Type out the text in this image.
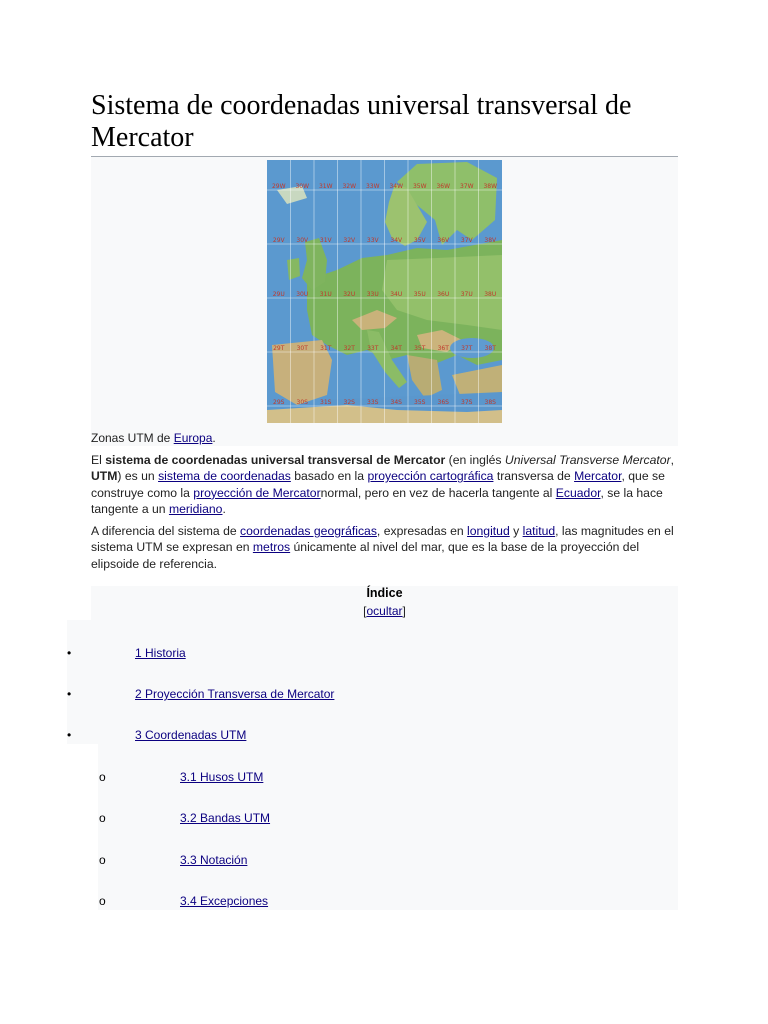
Sistema de coordenadas universal transversal de Mercator
29W 30W 31W 32W 33W 34W 35W 36W 37W 38W
29V 30V 31V 32V 33V 34V 35V 36V 37V 38V
29U 30U 31U 32U 33U 34U 35U 36U 37U 38U
29T 30T 31T 32T 33T 34T 35T 36T 37T 38T
29S 30S 31S 32S 33S 34S 35S 36S 37S 38S
Zonas UTM de Europa.

El sistema de coordenadas universal transversal de Mercator (en inglés Universal Transverse Mercator, UTM) es un sistema de coordenadas basado en la proyección cartográfica transversa de Mercator, que se construye como la proyección de Mercatornormal, pero en vez de hacerla tangente al Ecuador, se la hace tangente a un meridiano.

A diferencia del sistema de coordenadas geográficas, expresadas en longitud y latitud, las magnitudes en el sistema UTM se expresan en metros únicamente al nivel del mar, que es la base de la proyección del elipsoide de referencia.

Índice
[ocultar]
•	1 Historia
•	2 Proyección Transversa de Mercator
•	3 Coordenadas UTM
o	3.1 Husos UTM
o	3.2 Bandas UTM
o	3.3 Notación
o	3.4 Excepciones
